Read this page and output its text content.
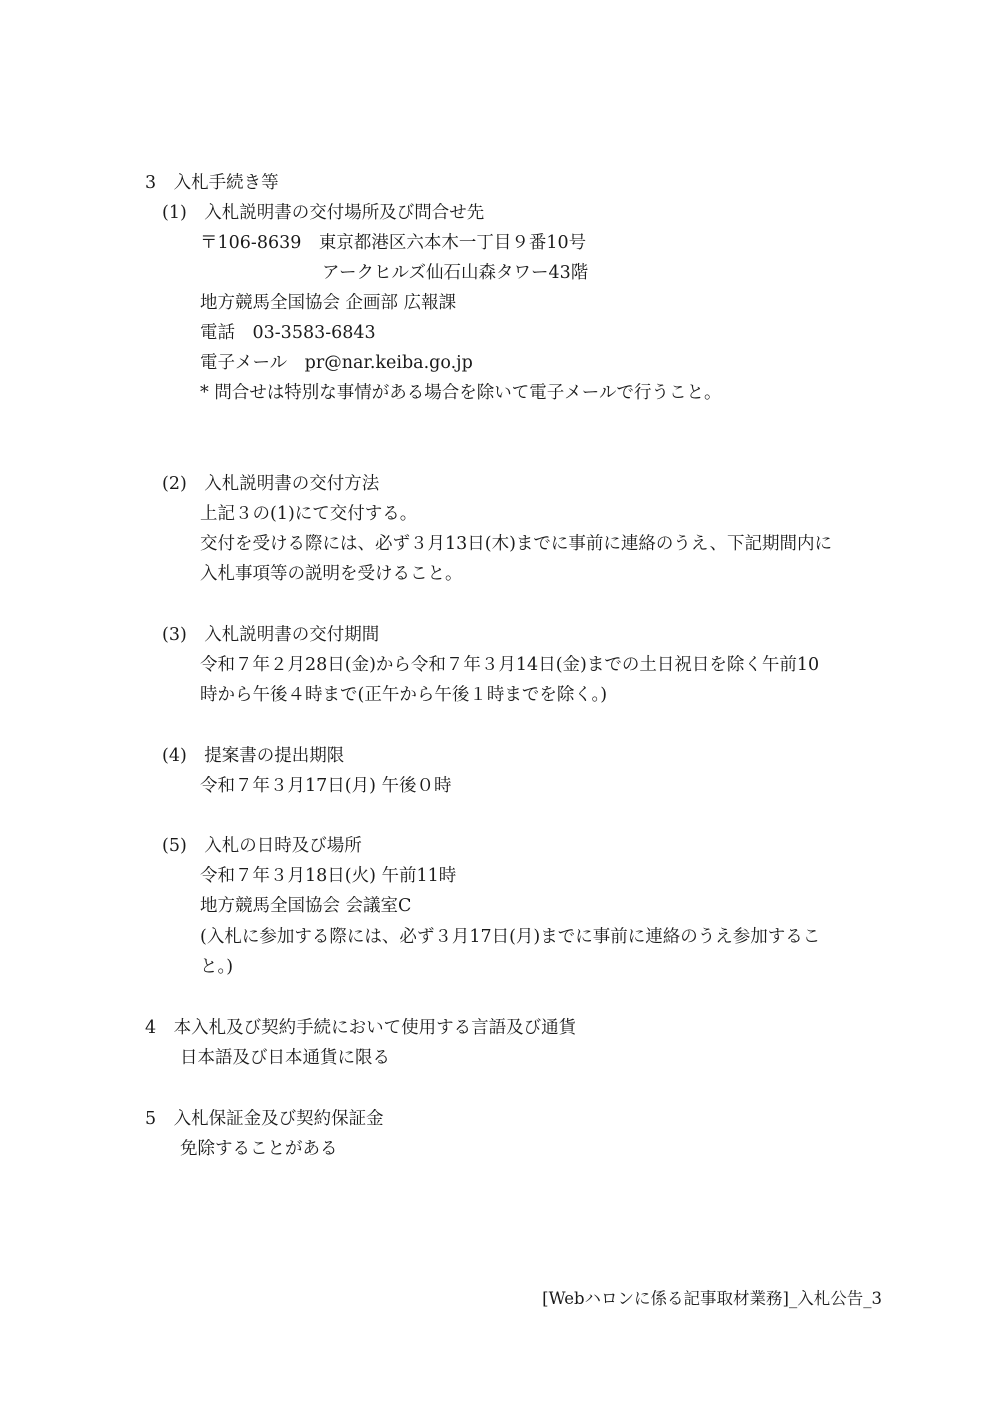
3　入札手続き等
(1)　入札説明書の交付場所及び問合せ先
〒106-8639　東京都港区六本木一丁目９番10号
アークヒルズ仙石山森タワー43階
地方競馬全国協会 企画部 広報課
電話　03-3583-6843
電子メール　pr@nar.keiba.go.jp
* 問合せは特別な事情がある場合を除いて電子メールで行うこと。
(2)　入札説明書の交付方法
上記３の(1)にて交付する。
交付を受ける際には、必ず３月13日(木)までに事前に連絡のうえ、下記期間内に
入札事項等の説明を受けること。
(3)　入札説明書の交付期間
令和７年２月28日(金)から令和７年３月14日(金)までの土日祝日を除く午前10
時から午後４時まで(正午から午後１時までを除く。)
(4)　提案書の提出期限
令和７年３月17日(月) 午後０時
(5)　入札の日時及び場所
令和７年３月18日(火) 午前11時
地方競馬全国協会 会議室C
(入札に参加する際には、必ず３月17日(月)までに事前に連絡のうえ参加するこ
と。)
4　本入札及び契約手続において使用する言語及び通貨
日本語及び日本通貨に限る
5　入札保証金及び契約保証金
免除することがある
[Webハロンに係る記事取材業務]_入札公告_3
